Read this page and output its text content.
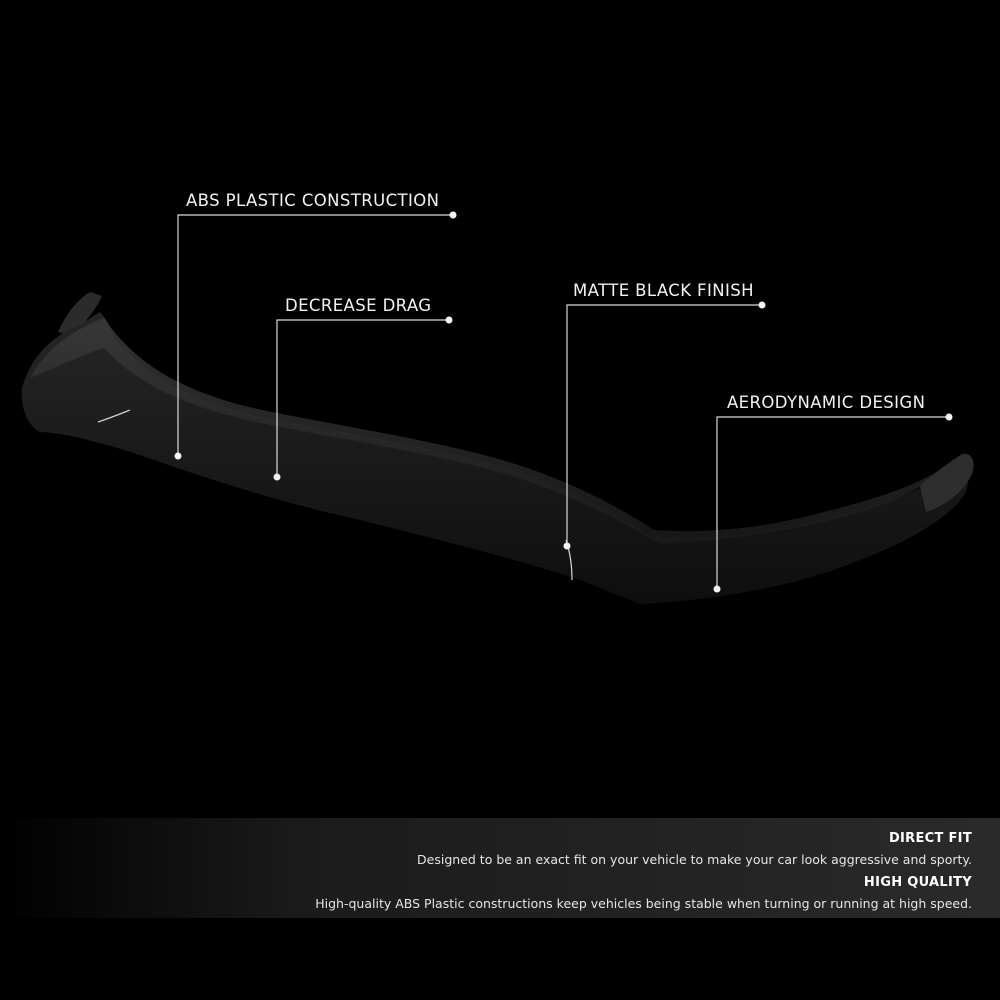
ABS PLASTIC CONSTRUCTION
DECREASE DRAG
MATTE BLACK FINISH
AERODYNAMIC DESIGN
DIRECT FIT
Designed to be an exact fit on your vehicle to make your car look aggressive and sporty.
HIGH QUALITY
High-quality ABS Plastic constructions keep vehicles being stable when turning or running at high speed.
